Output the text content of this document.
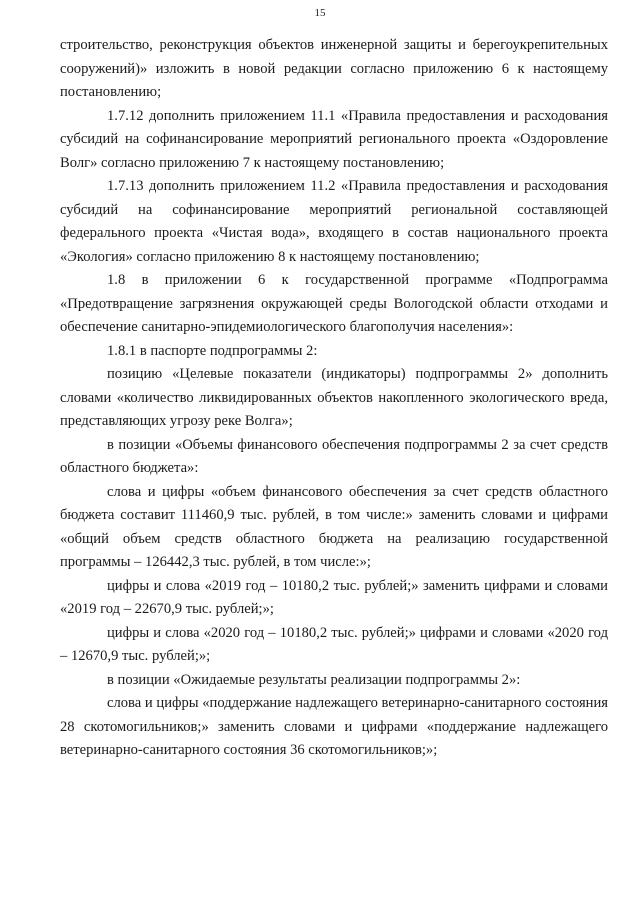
15

строительство, реконструкция объектов инженерной защиты и берегоукрепительных сооружений)» изложить в новой редакции согласно приложению 6 к настоящему постановлению;

1.7.12 дополнить приложением 11.1 «Правила предоставления и расходования субсидий на софинансирование мероприятий регионального проекта «Оздоровление Волг» согласно приложению 7 к настоящему постановлению;

1.7.13 дополнить приложением 11.2 «Правила предоставления и расходования субсидий на софинансирование мероприятий региональной составляющей федерального проекта «Чистая вода», входящего в состав национального проекта «Экология» согласно приложению 8 к настоящему постановлению;

1.8 в приложении 6 к государственной программе «Подпрограмма «Предотвращение загрязнения окружающей среды Вологодской области отходами и обеспечение санитарно-эпидемиологического благополучия населения»:

1.8.1 в паспорте подпрограммы 2:

позицию «Целевые показатели (индикаторы) подпрограммы 2» дополнить словами «количество ликвидированных объектов накопленного экологического вреда, представляющих угрозу реке Волга»;

в позиции «Объемы финансового обеспечения подпрограммы 2 за счет средств областного бюджета»:

слова и цифры «объем финансового обеспечения за счет средств областного бюджета составит 111460,9 тыс. рублей, в том числе:» заменить словами и цифрами «общий объем средств областного бюджета на реализацию государственной программы – 126442,3 тыс. рублей, в том числе:»;

цифры и слова «2019 год – 10180,2 тыс. рублей;» заменить цифрами и словами «2019 год – 22670,9 тыс. рублей;»;

цифры и слова «2020 год – 10180,2 тыс. рублей;» цифрами и словами «2020 год – 12670,9 тыс. рублей;»;

в позиции «Ожидаемые результаты реализации подпрограммы 2»:

слова и цифры «поддержание надлежащего ветеринарно-санитарного состояния 28 скотомогильников;» заменить словами и цифрами «поддержание надлежащего ветеринарно-санитарного состояния 36 скотомогильников;»;
